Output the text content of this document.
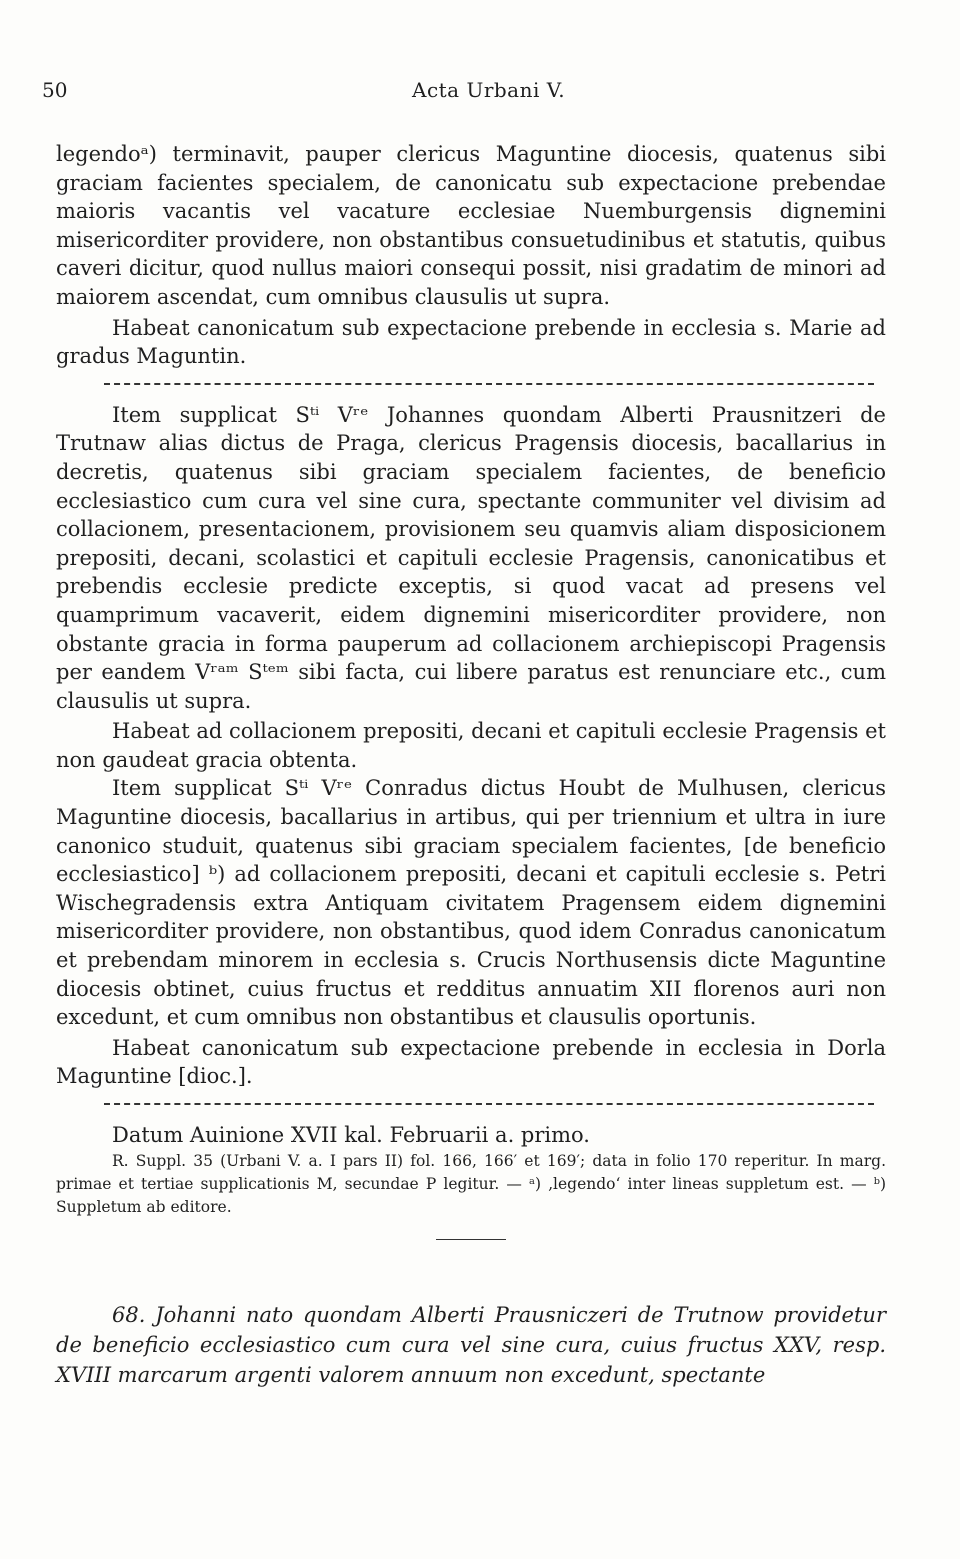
50	Acta Urbani V.

legendoᵃ) terminavit, pauper clericus Maguntine diocesis, quatenus sibi graciam facientes specialem, de canonicatu sub expectacione prebendae maioris vacantis vel vacature ecclesiae Nuemburgensis dignemini misericorditer providere, non obstantibus consuetudinibus et statutis, quibus caveri dicitur, quod nullus maiori consequi possit, nisi gradatim de minori ad maiorem ascendat, cum omnibus clausulis ut supra.

Habeat canonicatum sub expectacione prebende in ecclesia s. Marie ad gradus Maguntin.

Item supplicat Sᵗⁱ Vʳᵉ Johannes quondam Alberti Prausnitzeri de Trutnaw alias dictus de Praga, clericus Pragensis diocesis, bacallarius in decretis, quatenus sibi graciam specialem facientes, de beneficio ecclesiastico cum cura vel sine cura, spectante communiter vel divisim ad collacionem, presentacionem, provisionem seu quamvis aliam disposicionem prepositi, decani, scolastici et capituli ecclesie Pragensis, canonicatibus et prebendis ecclesie predicte exceptis, si quod vacat ad presens vel quamprimum vacaverit, eidem dignemini misericorditer providere, non obstante gracia in forma pauperum ad collacionem archiepiscopi Pragensis per eandem Vʳᵃᵐ Sᵗᵉᵐ sibi facta, cui libere paratus est renunciare etc., cum clausulis ut supra.

Habeat ad collacionem prepositi, decani et capituli ecclesie Pragensis et non gaudeat gracia obtenta.

Item supplicat Sᵗⁱ Vʳᵉ Conradus dictus Houbt de Mulhusen, clericus Maguntine diocesis, bacallarius in artibus, qui per triennium et ultra in iure canonico studuit, quatenus sibi graciam specialem facientes, [de beneficio ecclesiastico] ᵇ) ad collacionem prepositi, decani et capituli ecclesie s. Petri Wischegradensis extra Antiquam civitatem Pragensem eidem dignemini misericorditer providere, non obstantibus, quod idem Conradus canonicatum et prebendam minorem in ecclesia s. Crucis Northusensis dicte Maguntine diocesis obtinet, cuius fructus et redditus annuatim XII florenos auri non excedunt, et cum omnibus non obstantibus et clausulis oportunis.

Habeat canonicatum sub expectacione prebende in ecclesia in Dorla Maguntine [dioc.].

Datum Auinione XVII kal. Februarii a. primo.

R. Suppl. 35 (Urbani V. a. I pars II) fol. 166, 166′ et 169′; data in folio 170 reperitur. In marg. primae et tertiae supplicationis M, secundae P legitur. — ᵃ) ‚legendo‘ inter lineas suppletum est. — ᵇ) Suppletum ab editore.

68. Johanni nato quondam Alberti Prausniczeri de Trutnow providetur de beneficio ecclesiastico cum cura vel sine cura, cuius fructus XXV, resp. XVIII marcarum argenti valorem annuum non excedunt, spectante
